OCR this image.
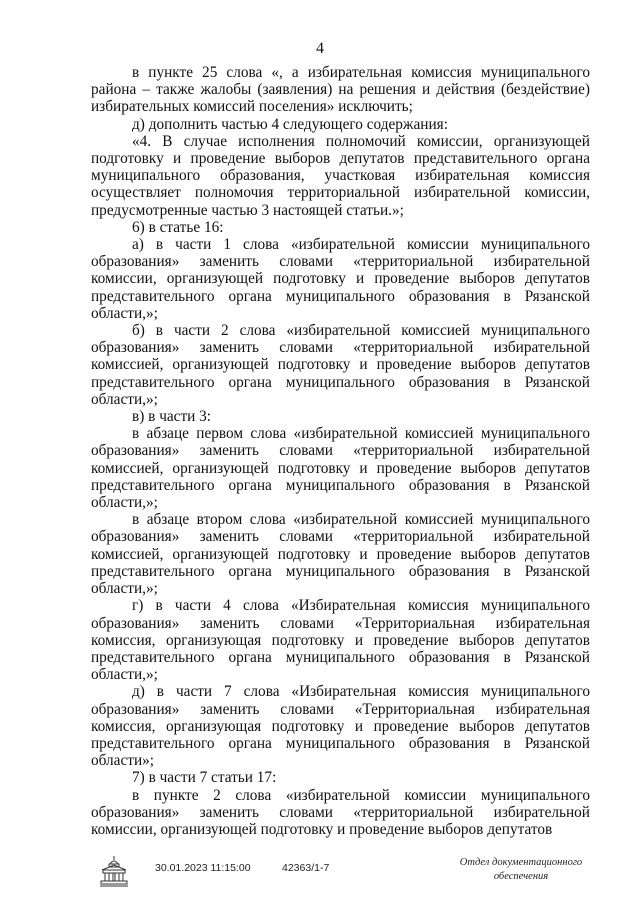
4

в пункте 25 слова «, а избирательная комиссия муниципального района – также жалобы (заявления) на решения и действия (бездействие) избирательных комиссий поселения» исключить;

д) дополнить частью 4 следующего содержания:

«4. В случае исполнения полномочий комиссии, организующей подготовку и проведение выборов депутатов представительного органа муниципального образования, участковая избирательная комиссия осуществляет полномочия территориальной избирательной комиссии, предусмотренные частью 3 настоящей статьи.»;

6) в статье 16:

а) в части 1 слова «избирательной комиссии муниципального образования» заменить словами «территориальной избирательной комиссии, организующей подготовку и проведение выборов депутатов представительного органа муниципального образования в Рязанской области,»;

б) в части 2 слова «избирательной комиссией муниципального образования» заменить словами «территориальной избирательной комиссией, организующей подготовку и проведение выборов депутатов представительного органа муниципального образования в Рязанской области,»;

в) в части 3:

в абзаце первом слова «избирательной комиссией муниципального образования» заменить словами «территориальной избирательной комиссией, организующей подготовку и проведение выборов депутатов представительного органа муниципального образования в Рязанской области,»;

в абзаце втором слова «избирательной комиссией муниципального образования» заменить словами «территориальной избирательной комиссией, организующей подготовку и проведение выборов депутатов представительного органа муниципального образования в Рязанской области,»;

г) в части 4 слова «Избирательная комиссия муниципального образования» заменить словами «Территориальная избирательная комиссия, организующая подготовку и проведение выборов депутатов представительного органа муниципального образования в Рязанской области,»;

д) в части 7 слова «Избирательная комиссия муниципального образования» заменить словами «Территориальная избирательная комиссия, организующая подготовку и проведение выборов депутатов представительного органа муниципального образования в Рязанской области»;

7) в части 7 статьи 17:

в пункте 2 слова «избирательной комиссии муниципального образования» заменить словами «территориальной избирательной комиссии, организующей подготовку и проведение выборов депутатов

30.01.2023 11:15:00	42363/1-7	Отдел документационного
обеспечения
